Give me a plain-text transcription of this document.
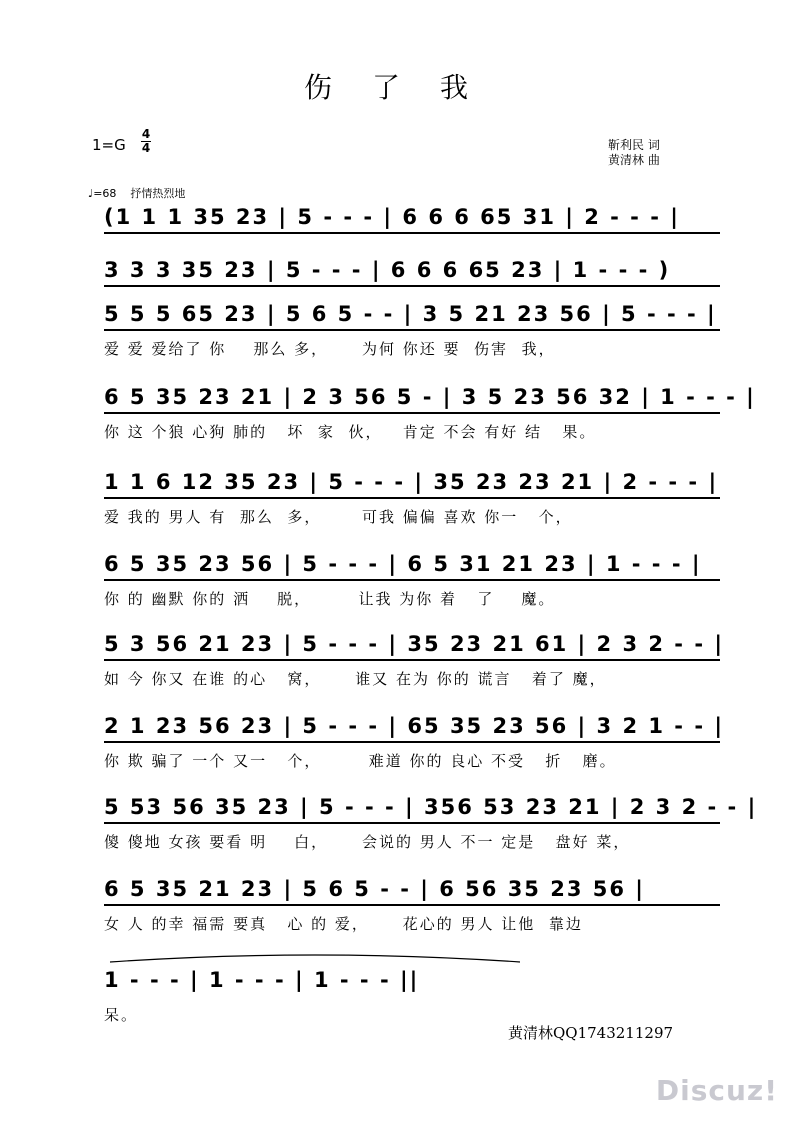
伤了我
1=G
4
4	靳利民 词
黄清林 曲
♩=68 抒情热烈地
(1 1 1 35 23 | 5 - - - | 6 6 6 65 31 | 2 - - - |
3 3 3 35 23 | 5 - - - | 6 6 6 65 23 | 1 - - - )
5 5 5 65 23 | 5 6 5 - - | 3 5 21 23 56 | 5 - - - |
爱 爱 爱给了 你    那么 多，     为何 你还 要  伤害  我，
6 5 35 23 21 | 2 3 56 5 - | 3 5 23 56 32 | 1 - - - |
你 这 个狼 心狗 肺的   坏  家  伙，   肯定 不会 有好 结   果。
1 1 6 12 35 23 | 5 - - - | 35 23 23 21 | 2 - - - |
爱 我的 男人 有  那么  多，      可我 偏偏 喜欢 你一   个，
6 5 35 23 56 | 5 - - - | 6 5 31 21 23 | 1 - - - |
你 的 幽默 你的 洒    脱，       让我 为你 着   了    魔。
5 3 56 21 23 | 5 - - - | 35 23 21 61 | 2 3 2 - - |
如 今 你又 在谁 的心   窝，     谁又 在为 你的 谎言   着了 魔，
2 1 23 56 23 | 5 - - - | 65 35 23 56 | 3 2 1 - - |
你 欺 骗了 一个 又一   个，       难道 你的 良心 不受   折   磨。
5 53 56 35 23 | 5 - - - | 356 53 23 21 | 2 3 2 - - |
傻 傻地 女孩 要看 明    白，     会说的 男人 不一 定是   盘好 菜，
6 5 35 21 23 | 5 6 5 - - | 6 56 35 23 56 |
女 人 的幸 福需 要真   心 的 爱，     花心的 男人 让他  靠边
1 - - - | 1 - - - | 1 - - - ||
呆。
黄清林QQ1743211297
Discuz!
